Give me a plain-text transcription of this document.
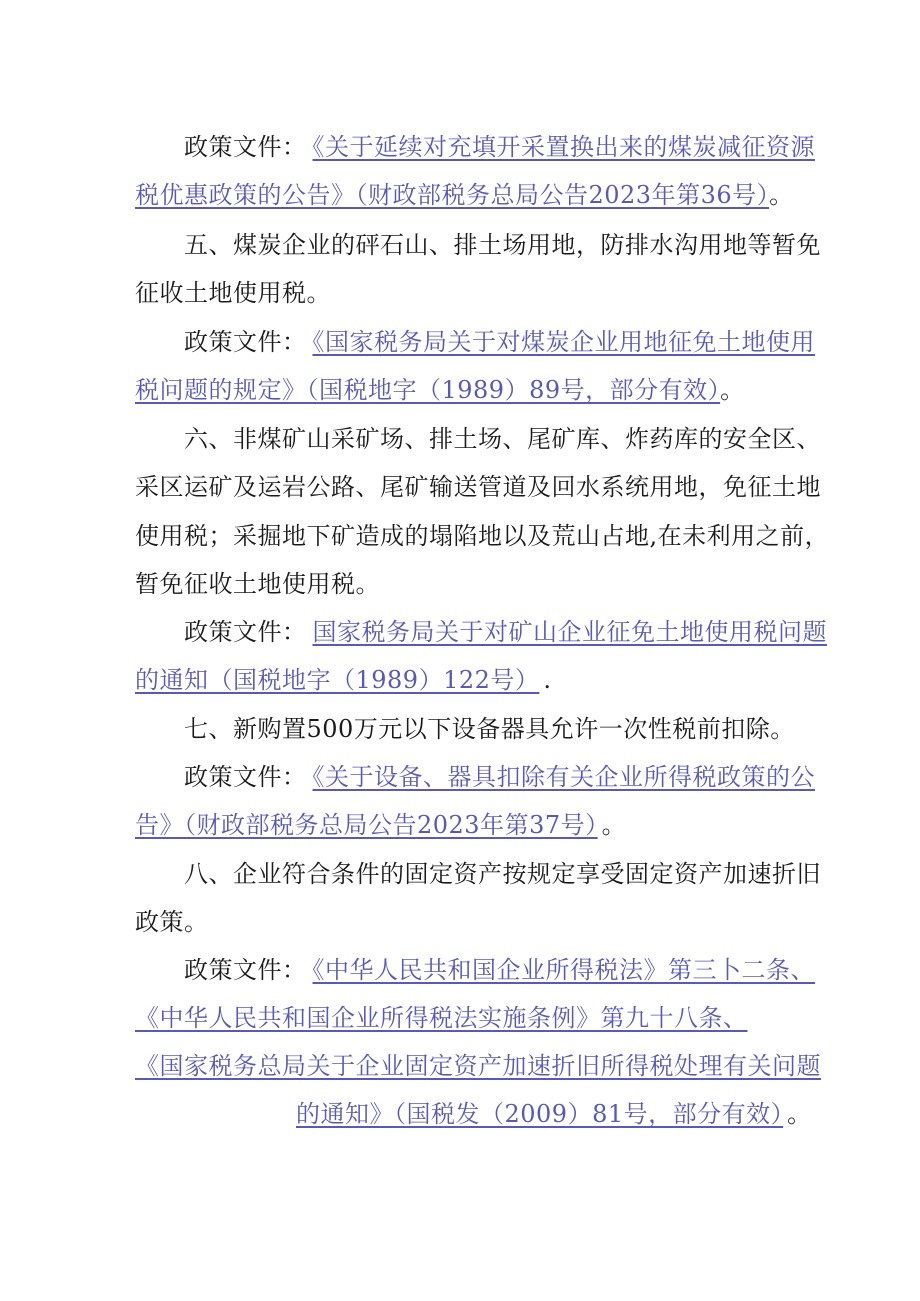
政策文件： 《关于延续对充填开采置换出来的煤炭减征资源
税优惠政策的公告》（财政部税务总局公告2023年第36号）。
五、煤炭企业的砰石山、排土场用地，防排水沟用地等暂免
征收土地使用税。
政策文件： 《国家税务局关于对煤炭企业用地征免土地使用
税问题的规定》（国税地字（1989）89号，部分有效）。
六、非煤矿山采矿场、排土场、尾矿库、炸药库的安全区、
采区运矿及运岩公路、尾矿输送管道及回水系统用地，免征土地
使用税；采掘地下矿造成的塌陷地以及荒山占地,在未利用之前，
暂免征收土地使用税。
政策文件： 国家税务局关于对矿山企业征免土地使用税问题
的通知（国税地字（1989）122号） .
七、新购置500万元以下设备器具允许一次性税前扣除。
政策文件： 《关于设备、器具扣除有关企业所得税政策的公
告》（财政部税务总局公告2023年第37号） 。
八、企业符合条件的固定资产按规定享受固定资产加速折旧
政策。
政策文件： 《中华人民共和国企业所得税法》第三卜二条、
《中华人民共和国企业所得税法实施条例》第九十八条、
《国家税务总局关于企业固定资产加速折旧所得税处理有关问题
的通知》（国税发（2009）81号，部分有效） 。
